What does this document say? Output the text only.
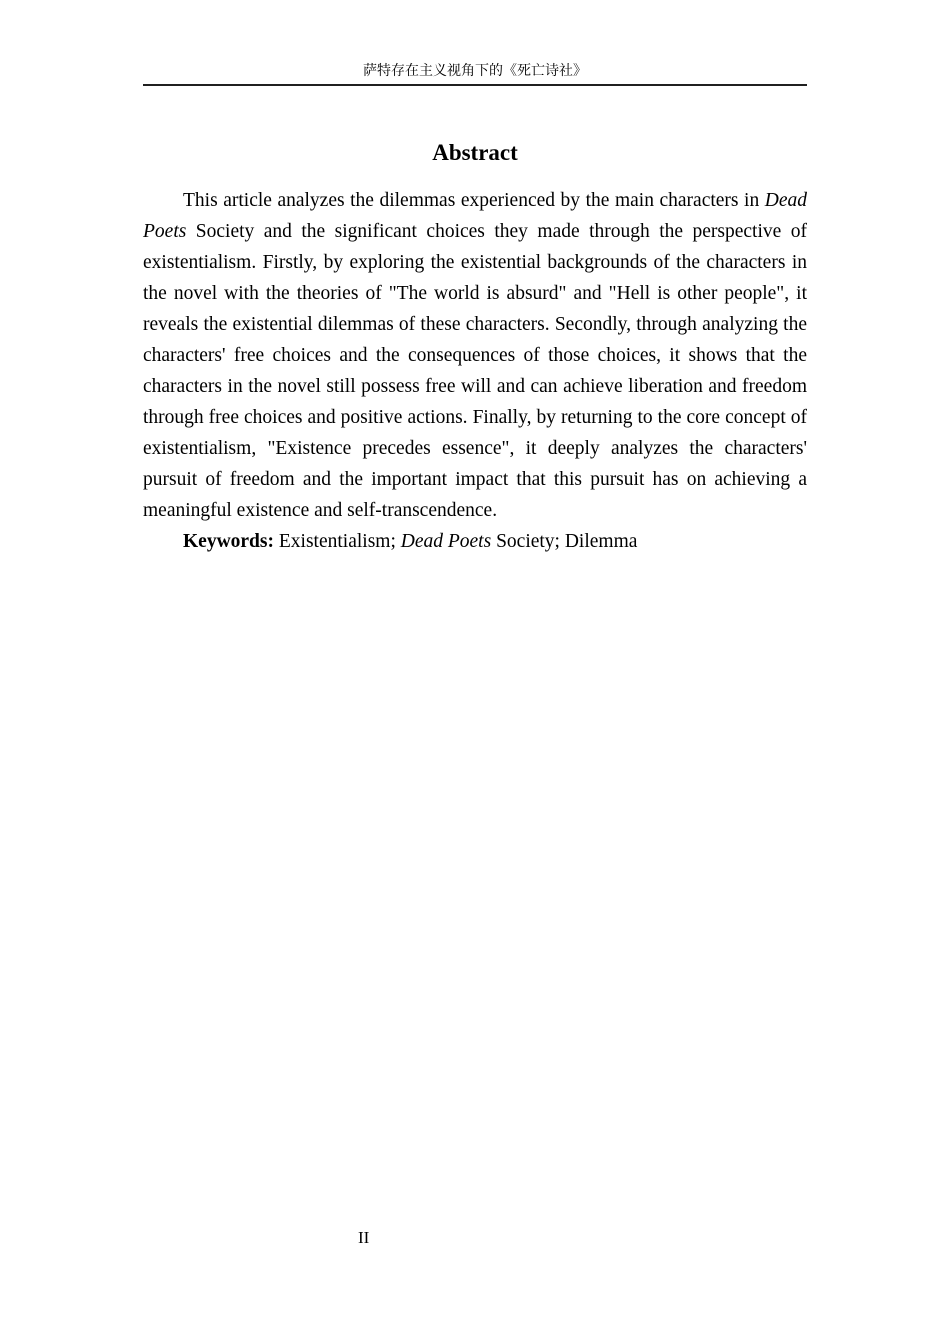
萨特存在主义视角下的《死亡诗社》
Abstract

This article analyzes the dilemmas experienced by the main characters in Dead Poets Society and the significant choices they made through the perspective of existentialism. Firstly, by exploring the existential backgrounds of the characters in the novel with the theories of "The world is absurd" and "Hell is other people", it reveals the existential dilemmas of these characters. Secondly, through analyzing the characters' free choices and the consequences of those choices, it shows that the characters in the novel still possess free will and can achieve liberation and freedom through free choices and positive actions. Finally, by returning to the core concept of existentialism, "Existence precedes essence", it deeply analyzes the characters' pursuit of freedom and the important impact that this pursuit has on achieving a meaningful existence and self-transcendence.

Keywords: Existentialism; Dead Poets Society; Dilemma

II
